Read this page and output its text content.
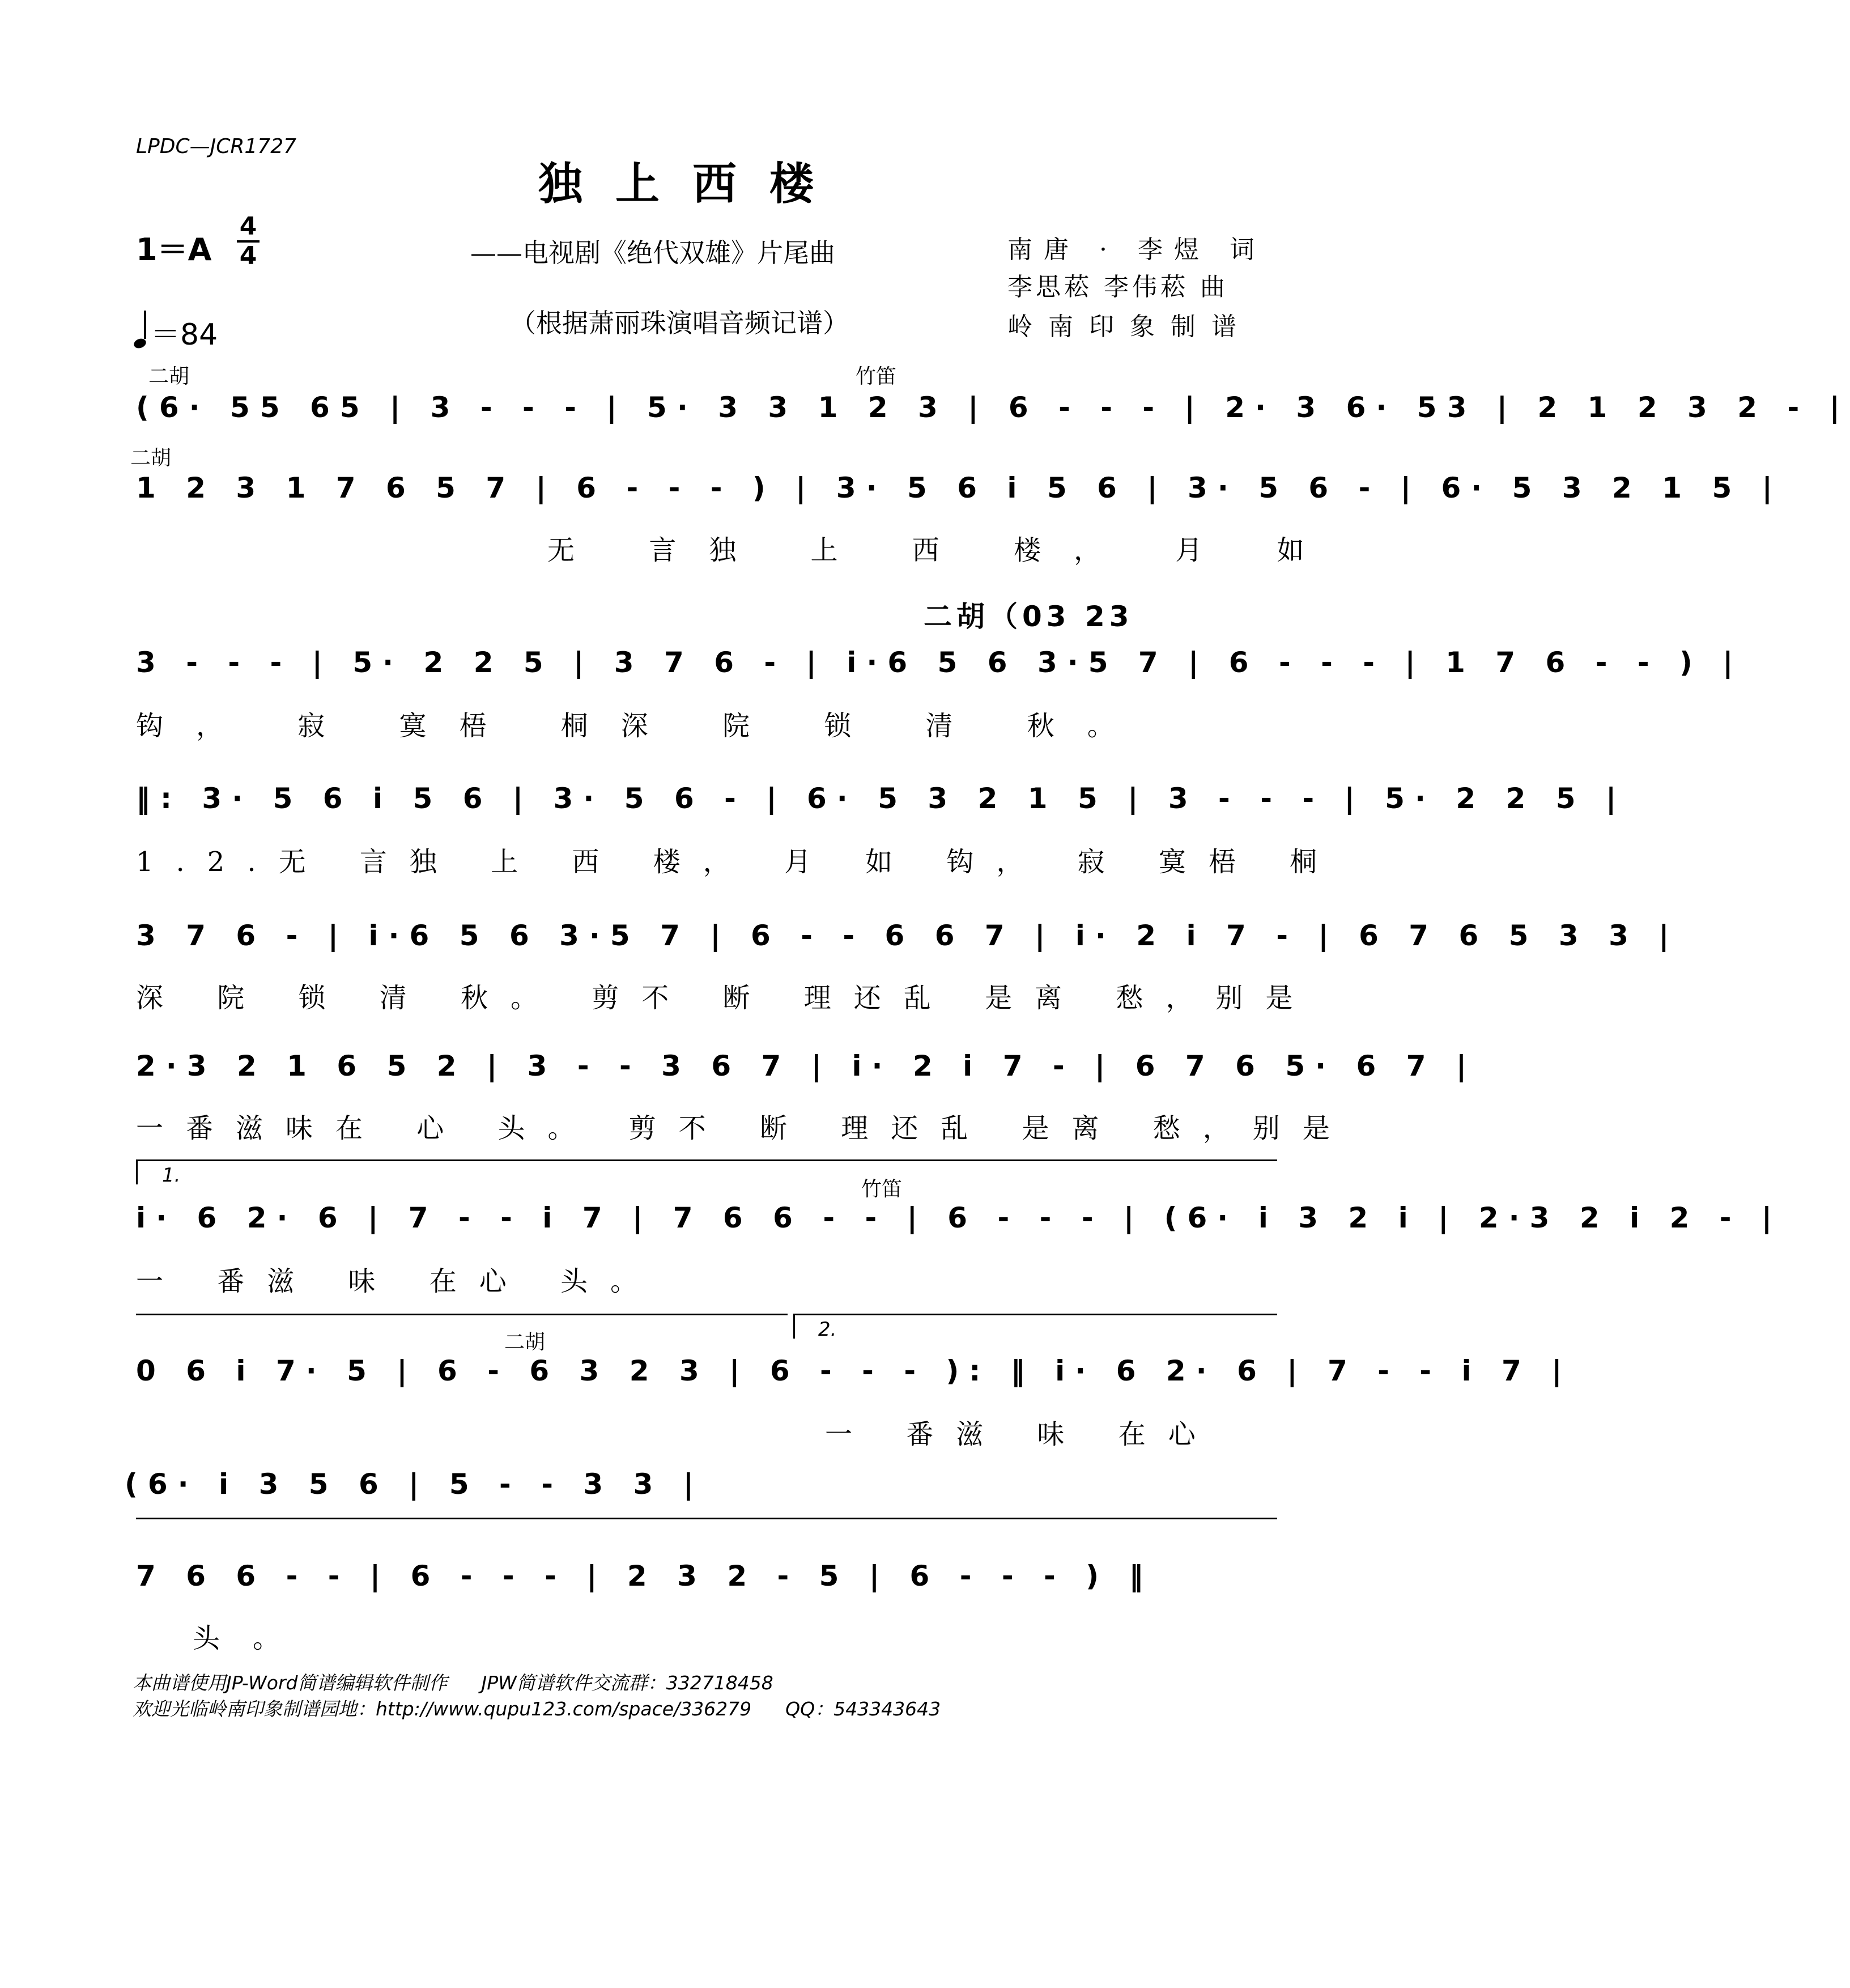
LPDC—JCR1727
独上西楼
$1=A \frac{4}{4}$
＝84
——电视剧《绝代双雄》片尾曲
（根据萧丽珠演唱音频记谱）
南唐 · 李煜 词
李思菘 李伟菘 曲
岭南印象制谱
二胡	竹笛
(6· 55 65 | 3 - - - | 5· 3 3 1 2 3 | 6 - - - | 2· 3 6· 53 | 2 1 2 3 2 - |
二胡
1 2 3 1 7 6 5 7 | 6 - - - ) | 3· 5 6 i 5 6 | 3· 5 6 - | 6· 5 3 2 1 5 |
无 言独 上 西 楼， 月 如
二胡（03 23
3 - - - | 5· 2 2 5 | 3 7 6 - | i·6 5 6 3·5 7 | 6 - - - | 1 7 6 - - ) |
钩， 寂 寞梧 桐深 院 锁 清 秋。
‖: 3· 5 6 i 5 6 | 3· 5 6 - | 6· 5 3 2 1 5 | 3 - - - | 5· 2 2 5 |
1.2.无 言独 上 西 楼， 月 如 钩， 寂 寞梧 桐
3 7 6 - | i·6 5 6 3·5 7 | 6 - - 6 6 7 | i· 2 i 7 - | 6 7 6 5 3 3 |
深 院 锁 清 秋。 剪不 断 理还乱 是离 愁，别是
2·3 2 1 6 5 2 | 3 - - 3 6 7 | i· 2 i 7 - | 6 7 6 5· 6 7 |
一番滋味在 心 头。 剪不 断 理还乱 是离 愁，别是
1.
竹笛
i· 6 2· 6 | 7 - - i 7 | 7 6 6 - - | 6 - - - | (6· i 3 2 i | 2·3 2 i 2 - |
一 番滋 味 在心 头。
2.
二胡
0 6 i 7· 5 | 6 - 6 3 2 3 | 6 - - - ): ‖ i· 6 2· 6 | 7 - - i 7 |
一 番滋 味 在心
(6· i 3 5 6 | 5 - - 3 3 |
7 6 6 - - | 6 - - - | 2 3 2 - 5 | 6 - - - ) ‖
头。
本曲谱使用JP-Word简谱编辑软件制作 JPW简谱软件交流群：332718458
欢迎光临岭南印象制谱园地：http://www.qupu123.com/space/336279 QQ：543343643
